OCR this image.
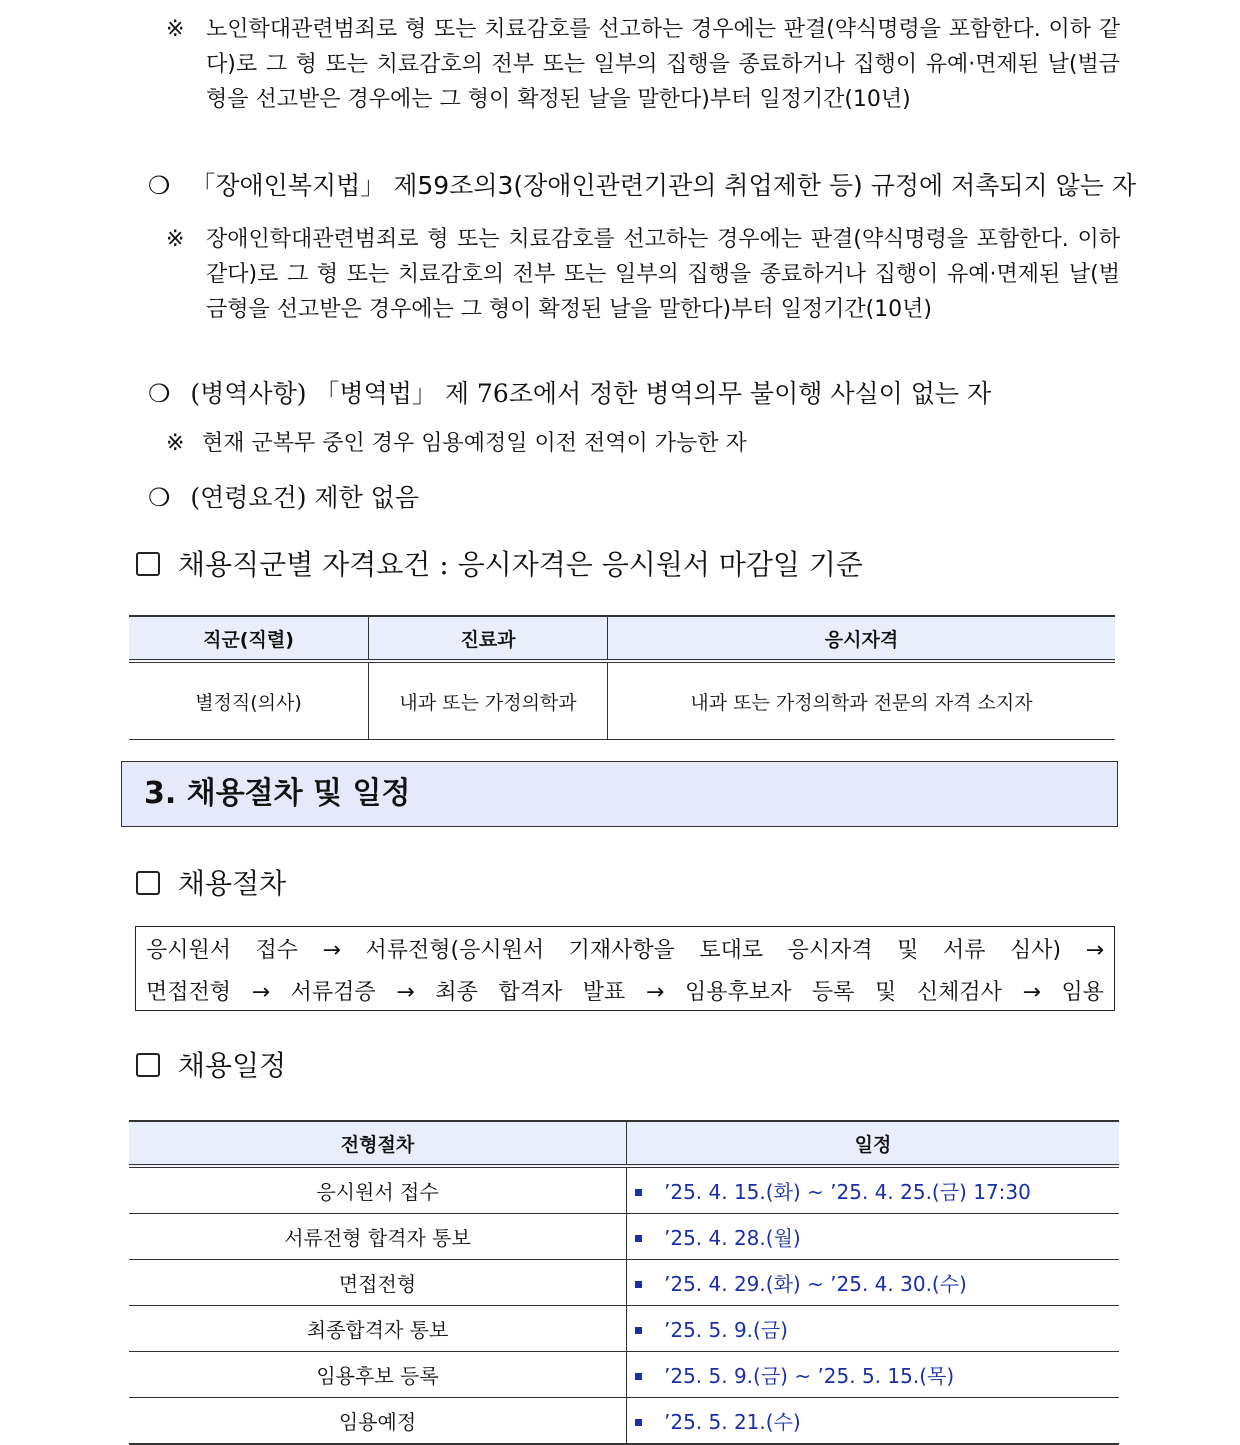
※ 노인학대관련범죄로 형 또는 치료감호를 선고하는 경우에는 판결(약식명령을 포함한다. 이하 같다)로 그 형 또는 치료감호의 전부 또는 일부의 집행을 종료하거나 집행이 유예·면제된 날(벌금형을 선고받은 경우에는 그 형이 확정된 날을 말한다)부터 일정기간(10년)
❍ 「장애인복지법」 제59조의3(장애인관련기관의 취업제한 등) 규정에 저촉되지 않는 자
※ 장애인학대관련범죄로 형 또는 치료감호를 선고하는 경우에는 판결(약식명령을 포함한다. 이하 같다)로 그 형 또는 치료감호의 전부 또는 일부의 집행을 종료하거나 집행이 유예·면제된 날(벌금형을 선고받은 경우에는 그 형이 확정된 날을 말한다)부터 일정기간(10년)
❍ (병역사항) 「병역법」 제 76조에서 정한 병역의무 불이행 사실이 없는 자
※ 현재 군복무 중인 경우 임용예정일 이전 전역이 가능한 자
❍ (연령요건) 제한 없음
채용직군별 자격요건 : 응시자격은 응시원서 마감일 기준
직군(직렬)	진료과	응시자격
별정직(의사)	내과 또는 가정의학과	내과 또는 가정의학과 전문의 자격 소지자
3. 채용절차 및 일정
채용절차
응시원서 접수 → 서류전형(응시원서 기재사항을 토대로 응시자격 및 서류 심사) →
면접전형 → 서류검증 → 최종 합격자 발표 → 임용후보자 등록 및 신체검사 → 임용
채용일정
전형절차	일정
응시원서 접수	’25. 4. 15.(화) ~ ’25. 4. 25.(금) 17:30
서류전형 합격자 통보	’25. 4. 28.(월)
면접전형	’25. 4. 29.(화) ~ ’25. 4. 30.(수)
최종합격자 통보	’25. 5. 9.(금)
임용후보 등록	’25. 5. 9.(금) ~ ’25. 5. 15.(목)
임용예정	’25. 5. 21.(수)
